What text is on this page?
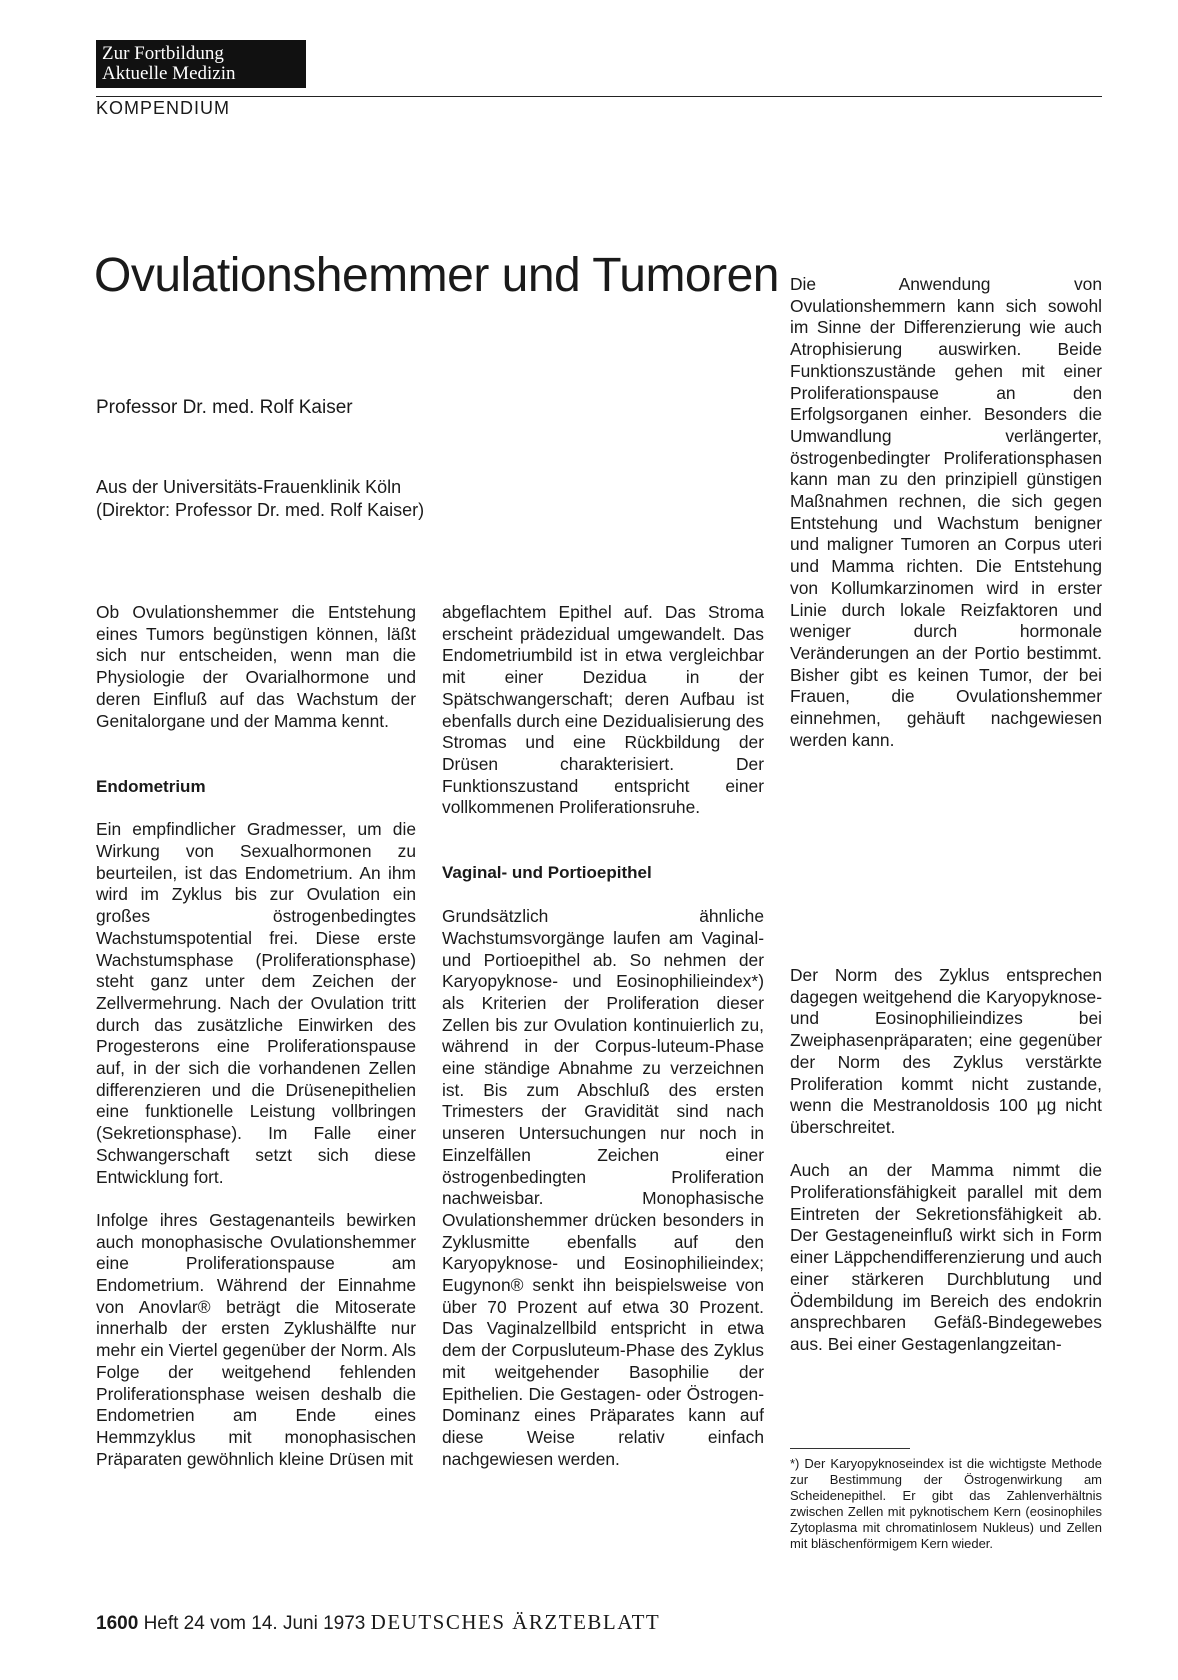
Zur Fortbildung
Aktuelle Medizin
KOMPENDIUM
Ovulationshemmer und Tumoren
Professor Dr. med. Rolf Kaiser
Aus der Universitäts-Frauenklinik Köln
(Direktor: Professor Dr. med. Rolf Kaiser)

Ob Ovulationshemmer die Entstehung eines Tumors begünstigen können, läßt sich nur entscheiden, wenn man die Physiologie der Ovarialhormone und deren Einfluß auf das Wachstum der Genitalorgane und der Mamma kennt.

Endometrium

Ein empfindlicher Gradmesser, um die Wirkung von Sexualhormonen zu beurteilen, ist das Endometrium. An ihm wird im Zyklus bis zur Ovulation ein großes östrogenbedingtes Wachstumspotential frei. Diese erste Wachstumsphase (Proliferationsphase) steht ganz unter dem Zeichen der Zellvermehrung. Nach der Ovulation tritt durch das zusätzliche Einwirken des Progesterons eine Proliferationspause auf, in der sich die vorhandenen Zellen differenzieren und die Drüsenepithelien eine funktionelle Leistung vollbringen (Sekretionsphase). Im Falle einer Schwangerschaft setzt sich diese Entwicklung fort.

Infolge ihres Gestagenanteils bewirken auch monophasische Ovulationshemmer eine Proliferationspause am Endometrium. Während der Einnahme von Anovlar® beträgt die Mitoserate innerhalb der ersten Zyklushälfte nur mehr ein Viertel gegenüber der Norm. Als Folge der weitgehend fehlenden Proliferationsphase weisen deshalb die Endometrien am Ende eines Hemmzyklus mit monophasischen Präparaten gewöhnlich kleine Drüsen mit

abgeflachtem Epithel auf. Das Stroma erscheint prädezidual umgewandelt. Das Endometriumbild ist in etwa vergleichbar mit einer Dezidua in der Spätschwangerschaft; deren Aufbau ist ebenfalls durch eine Dezidualisierung des Stromas und eine Rückbildung der Drüsen charakterisiert. Der Funktionszustand entspricht einer vollkommenen Proliferationsruhe.

Vaginal- und Portioepithel

Grundsätzlich ähnliche Wachstumsvorgänge laufen am Vaginal- und Portioepithel ab. So nehmen der Karyopyknose- und Eosinophilieindex*) als Kriterien der Proliferation dieser Zellen bis zur Ovulation kontinuierlich zu, während in der Corpus-luteum-Phase eine ständige Abnahme zu verzeichnen ist. Bis zum Abschluß des ersten Trimesters der Gravidität sind nach unseren Untersuchungen nur noch in Einzelfällen Zeichen einer östrogenbedingten Proliferation nachweisbar. Monophasische Ovulationshemmer drücken besonders in Zyklusmitte ebenfalls auf den Karyopyknose- und Eosinophilieindex; Eugynon® senkt ihn beispielsweise von über 70 Prozent auf etwa 30 Prozent. Das Vaginalzellbild entspricht in etwa dem der Corpusluteum-Phase des Zyklus mit weitgehender Basophilie der Epithelien. Die Gestagen- oder Östrogen-Dominanz eines Präparates kann auf diese Weise relativ einfach nachgewiesen werden.

Die Anwendung von Ovulationshemmern kann sich sowohl im Sinne der Differenzierung wie auch Atrophisierung auswirken. Beide Funktionszustände gehen mit einer Proliferationspause an den Erfolgsorganen einher. Besonders die Umwandlung verlängerter, östrogenbedingter Proliferationsphasen kann man zu den prinzipiell günstigen Maßnahmen rechnen, die sich gegen Entstehung und Wachstum benigner und maligner Tumoren an Corpus uteri und Mamma richten. Die Entstehung von Kollumkarzinomen wird in erster Linie durch lokale Reizfaktoren und weniger durch hormonale Veränderungen an der Portio bestimmt. Bisher gibt es keinen Tumor, der bei Frauen, die Ovulationshemmer einnehmen, gehäuft nachgewiesen werden kann.

Der Norm des Zyklus entsprechen dagegen weitgehend die Karyopyknose- und Eosinophilieindizes bei Zweiphasenpräparaten; eine gegenüber der Norm des Zyklus verstärkte Proliferation kommt nicht zustande, wenn die Mestranoldosis 100 µg nicht überschreitet.

Auch an der Mamma nimmt die Proliferationsfähigkeit parallel mit dem Eintreten der Sekretionsfähigkeit ab. Der Gestageneinfluß wirkt sich in Form einer Läppchendifferenzierung und auch einer stärkeren Durchblutung und Ödembildung im Bereich des endokrin ansprechbaren Gefäß-Bindegewebes aus. Bei einer Gestagenlangzeitan-

*) Der Karyopyknoseindex ist die wichtigste Methode zur Bestimmung der Östrogenwirkung am Scheidenepithel. Er gibt das Zahlenverhältnis zwischen Zellen mit pyknotischem Kern (eosinophiles Zytoplasma mit chromatinlosem Nukleus) und Zellen mit bläschenförmigem Kern wieder.

1600 Heft 24 vom 14. Juni 1973 DEUTSCHES ÄRZTEBLATT
